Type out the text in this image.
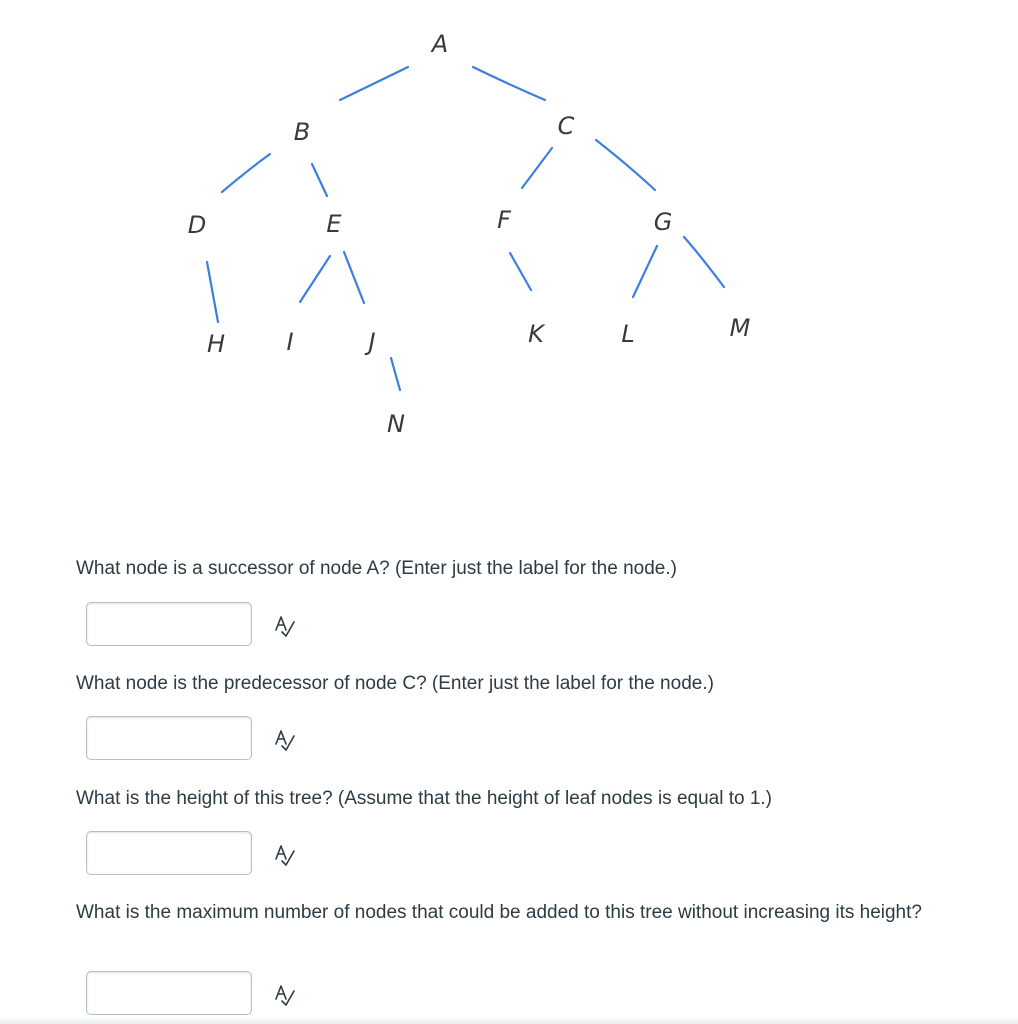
A
B	C
D	E	F	G
H	I	J	K	L	M
N
What node is a successor of node A? (Enter just the label for the node.)
What node is the predecessor of node C? (Enter just the label for the node.)
What is the height of this tree? (Assume that the height of leaf nodes is equal to 1.)
What is the maximum number of nodes that could be added to this tree without increasing its height?
